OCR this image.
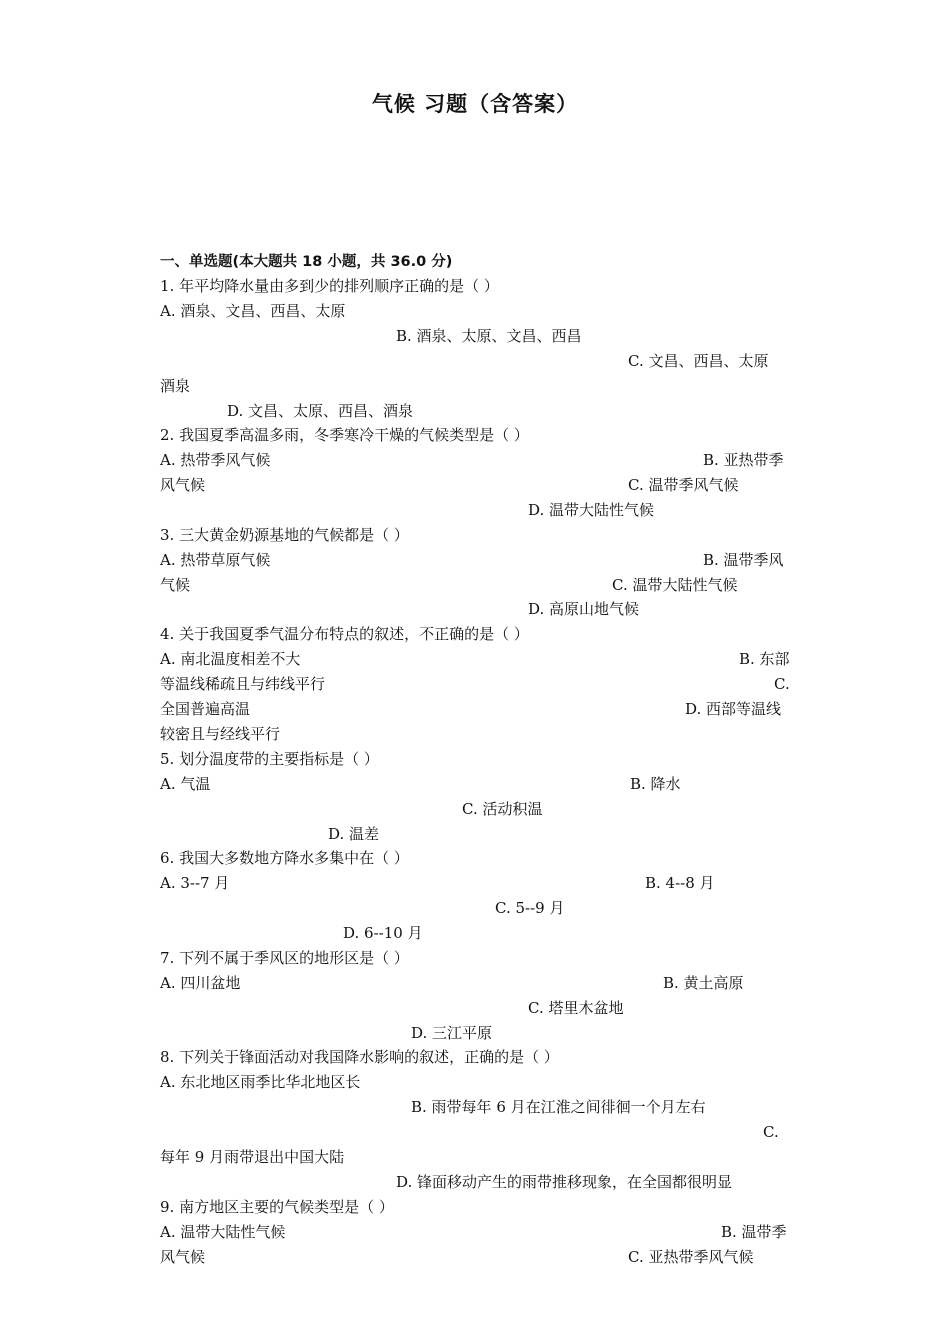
气候 习题（含答案）
一、单选题(本大题共 18 小题，共 36.0 分)
1. 年平均降水量由多到少的排列顺序正确的是（ ）
A. 酒泉、文昌、西昌、太原
B. 酒泉、太原、文昌、西昌
C. 文昌、西昌、太原
酒泉
D. 文昌、太原、西昌、酒泉
2. 我国夏季高温多雨，冬季寒冷干燥的气候类型是（ ）
A. 热带季风气候	B. 亚热带季
风气候	C. 温带季风气候
D. 温带大陆性气候
3. 三大黄金奶源基地的气候都是（ ）
A. 热带草原气候	B. 温带季风
气候	C. 温带大陆性气候
D. 高原山地气候
4. 关于我国夏季气温分布特点的叙述，不正确的是（ ）
A. 南北温度相差不大	B. 东部
等温线稀疏且与纬线平行	C.
全国普遍高温	D. 西部等温线
较密且与经线平行
5. 划分温度带的主要指标是（ ）
A. 气温	B. 降水
C. 活动积温
D. 温差
6. 我国大多数地方降水多集中在（ ）
A. 3--7 月	B. 4--8 月
C. 5--9 月
D. 6--10 月
7. 下列不属于季风区的地形区是（ ）
A. 四川盆地	B. 黄土高原
C. 塔里木盆地
D. 三江平原
8. 下列关于锋面活动对我国降水影响的叙述，正确的是（ ）
A. 东北地区雨季比华北地区长
B. 雨带每年 6 月在江淮之间徘徊一个月左右
C.
每年 9 月雨带退出中国大陆
D. 锋面移动产生的雨带推移现象，在全国都很明显
9. 南方地区主要的气候类型是（ ）
A. 温带大陆性气候	B. 温带季
风气候	C. 亚热带季风气候
